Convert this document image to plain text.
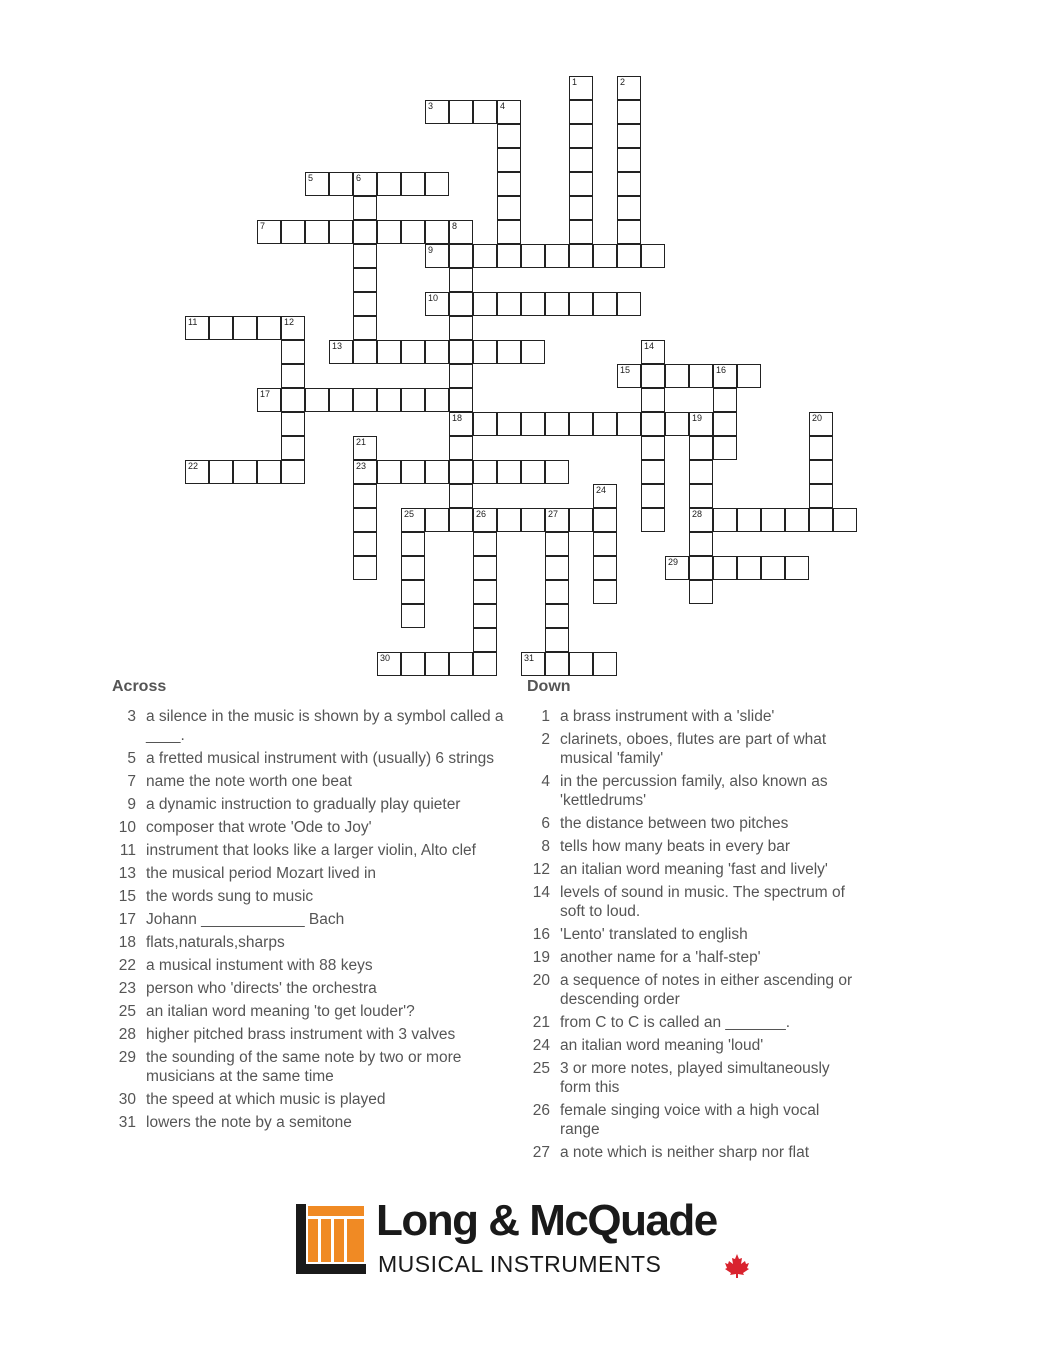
1	2
3	4
5	6
7	8
18
9
10
11	12
13	14
15	16
17
19
28
20
21
23
22
24
25	26	27
29
30	31
Across	Down
3 a silence in the music is shown by a symbol called a ____.
5 a fretted musical instrument with (usually) 6 strings
7 name the note worth one beat
9 a dynamic instruction to gradually play quieter
10 composer that wrote 'Ode to Joy'
11 instrument that looks like a larger violin, Alto clef
13 the musical period Mozart lived in
15 the words sung to music
17 Johann ____________ Bach
18 flats,naturals,sharps
22 a musical instument with 88 keys
23 person who 'directs' the orchestra
25 an italian word meaning 'to get louder'?
28 higher pitched brass instrument with 3 valves
29 the sounding of the same note by two or more musicians at the same time
30 the speed at which music is played
31 lowers the note by a semitone
1 a brass instrument with a 'slide'
2 clarinets, oboes, flutes are part of what musical 'family'
4 in the percussion family, also known as 'kettledrums'
6 the distance between two pitches
8 tells how many beats in every bar
12 an italian word meaning 'fast and lively'
14 levels of sound in music. The spectrum of soft to loud.
16 'Lento' translated to english
19 another name for a 'half-step'
20 a sequence of notes in either ascending or descending order
21 from C to C is called an _______.
24 an italian word meaning 'loud'
25 3 or more notes, played simultaneously form this
26 female singing voice with a high vocal range
27 a note which is neither sharp nor flat
Long & McQuade
MUSICAL INSTRUMENTS
